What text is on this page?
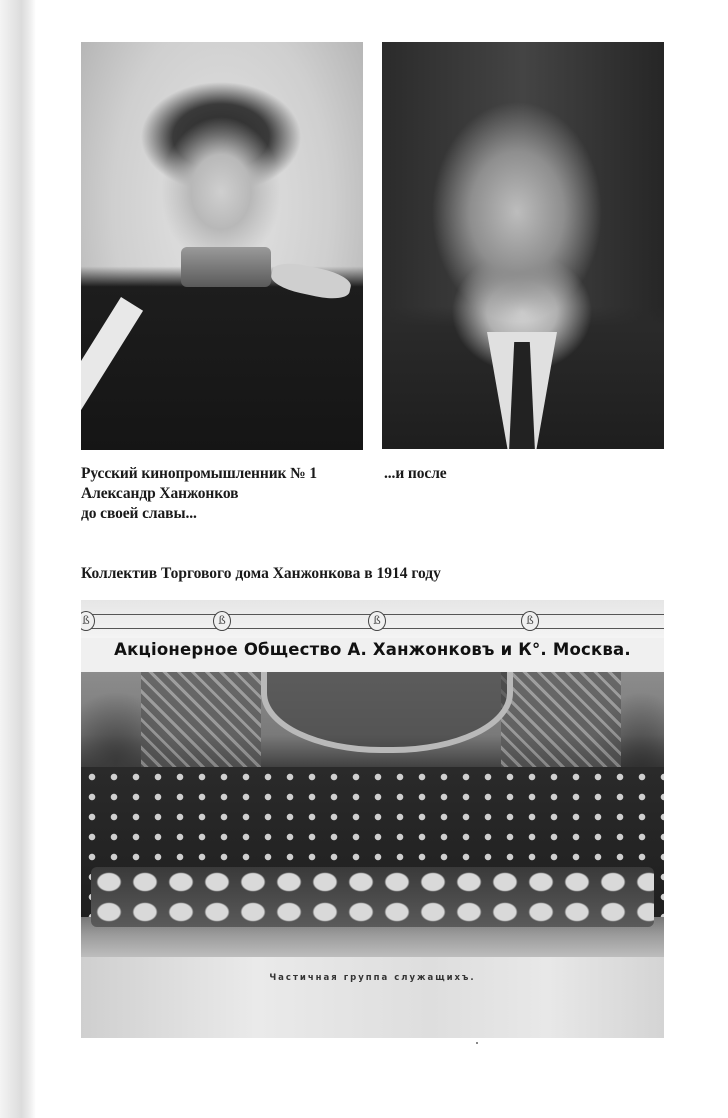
Русский кинопромышленник № 1
Александр Ханжонков
до своей славы...
...и после
Коллектив Торгового дома Ханжонкова в 1914 году
ß	ß	ß	ß
Акцiонерное Общество А. Ханжонковъ и К°. Москва.
Частичная группа служащихъ.
